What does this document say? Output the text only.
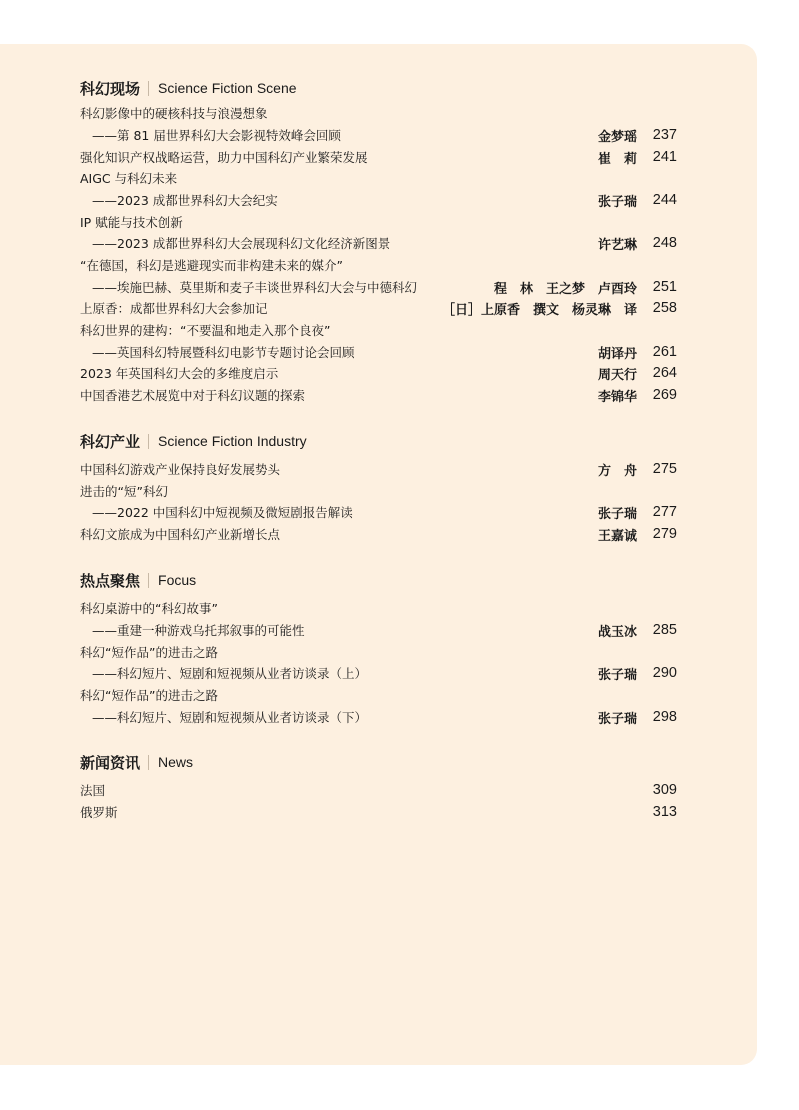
科幻现场 Science Fiction Scene
科幻影像中的硬核科技与浪漫想象
——第 81 届世界科幻大会影视特效峰会回顾	金梦瑶	237
强化知识产权战略运营，助力中国科幻产业繁荣发展	崔　莉	241
AIGC 与科幻未来
——2023 成都世界科幻大会纪实	张子瑞	244
IP 赋能与技术创新
——2023 成都世界科幻大会展现科幻文化经济新图景	许艺琳	248
“在德国，科幻是逃避现实而非构建未来的媒介”
——埃施巴赫、莫里斯和麦子丰谈世界科幻大会与中德科幻	程　林　王之梦　卢酉玲	251
上原香：成都世界科幻大会参加记	［日］上原香　撰文　杨灵琳　译	258
科幻世界的建构：“不要温和地走入那个良夜”
——英国科幻特展暨科幻电影节专题讨论会回顾	胡译丹	261
2023 年英国科幻大会的多维度启示	周天行	264
中国香港艺术展览中对于科幻议题的探索	李锦华	269
科幻产业 Science Fiction Industry
中国科幻游戏产业保持良好发展势头	方　舟	275
进击的“短”科幻
——2022 中国科幻中短视频及微短剧报告解读	张子瑞	277
科幻文旅成为中国科幻产业新增长点	王嘉诚	279
热点聚焦 Focus
科幻桌游中的“科幻故事”
——重建一种游戏乌托邦叙事的可能性	战玉冰	285
科幻“短作品”的进击之路
——科幻短片、短剧和短视频从业者访谈录（上）	张子瑞	290
科幻“短作品”的进击之路
——科幻短片、短剧和短视频从业者访谈录（下）	张子瑞	298
新闻资讯 News
法国	309
俄罗斯	313
